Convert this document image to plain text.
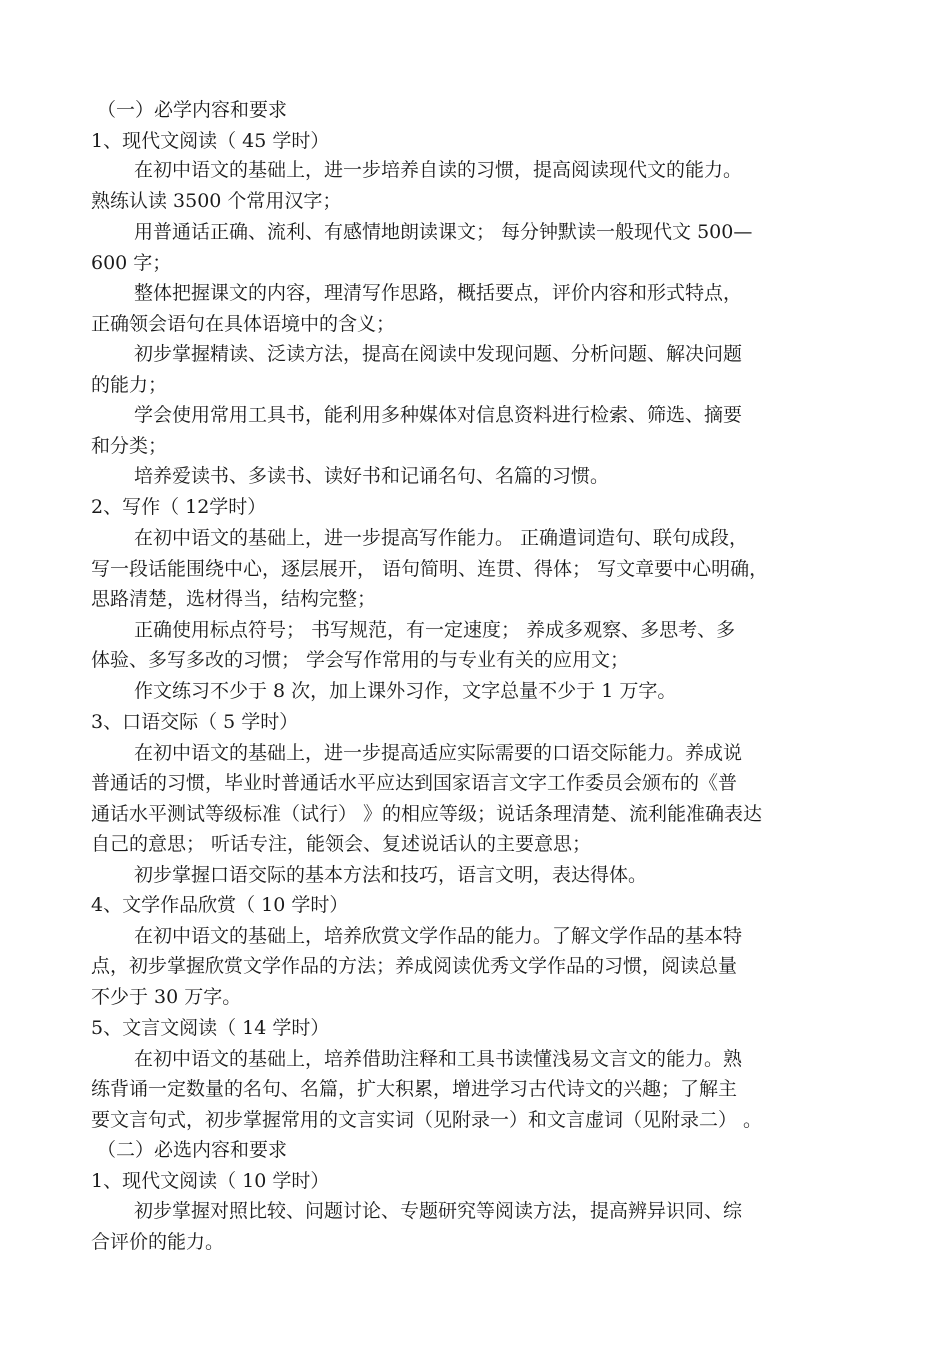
（一）必学内容和要求
1、现代文阅读（ 45 学时）
在初中语文的基础上，进一步培养自读的习惯，提高阅读现代文的能力。
熟练认读 3500 个常用汉字；
用普通话正确、流利、有感情地朗读课文； 每分钟默读一般现代文 500—
600 字；
整体把握课文的内容，理清写作思路，概括要点，评价内容和形式特点，
正确领会语句在具体语境中的含义；
初步掌握精读、泛读方法，提高在阅读中发现问题、分析问题、解决问题
的能力；
学会使用常用工具书，能利用多种媒体对信息资料进行检索、筛选、摘要
和分类；
培养爱读书、多读书、读好书和记诵名句、名篇的习惯。
2、写作（ 12学时）
在初中语文的基础上，进一步提高写作能力。 正确遣词造句、联句成段，
写一段话能围绕中心，逐层展开， 语句简明、连贯、得体； 写文章要中心明确，
思路清楚，选材得当，结构完整；
正确使用标点符号； 书写规范，有一定速度； 养成多观察、多思考、多
体验、多写多改的习惯； 学会写作常用的与专业有关的应用文；
作文练习不少于 8 次，加上课外习作，文字总量不少于 1 万字。
3、口语交际（ 5 学时）
在初中语文的基础上，进一步提高适应实际需要的口语交际能力。养成说
普通话的习惯，毕业时普通话水平应达到国家语言文字工作委员会颁布的《普
通话水平测试等级标准（试行） 》的相应等级；说话条理清楚、流利能准确表达
自己的意思； 听话专注，能领会、复述说话认的主要意思；
初步掌握口语交际的基本方法和技巧，语言文明，表达得体。
4、文学作品欣赏（ 10 学时）
在初中语文的基础上，培养欣赏文学作品的能力。了解文学作品的基本特
点，初步掌握欣赏文学作品的方法；养成阅读优秀文学作品的习惯，阅读总量
不少于 30 万字。
5、文言文阅读（ 14 学时）
在初中语文的基础上，培养借助注释和工具书读懂浅易文言文的能力。熟
练背诵一定数量的名句、名篇，扩大积累，增进学习古代诗文的兴趣；了解主
要文言句式，初步掌握常用的文言实词（见附录一）和文言虚词（见附录二） 。
（二）必选内容和要求
1、现代文阅读（ 10 学时）
初步掌握对照比较、问题讨论、专题研究等阅读方法，提高辨异识同、综
合评价的能力。
